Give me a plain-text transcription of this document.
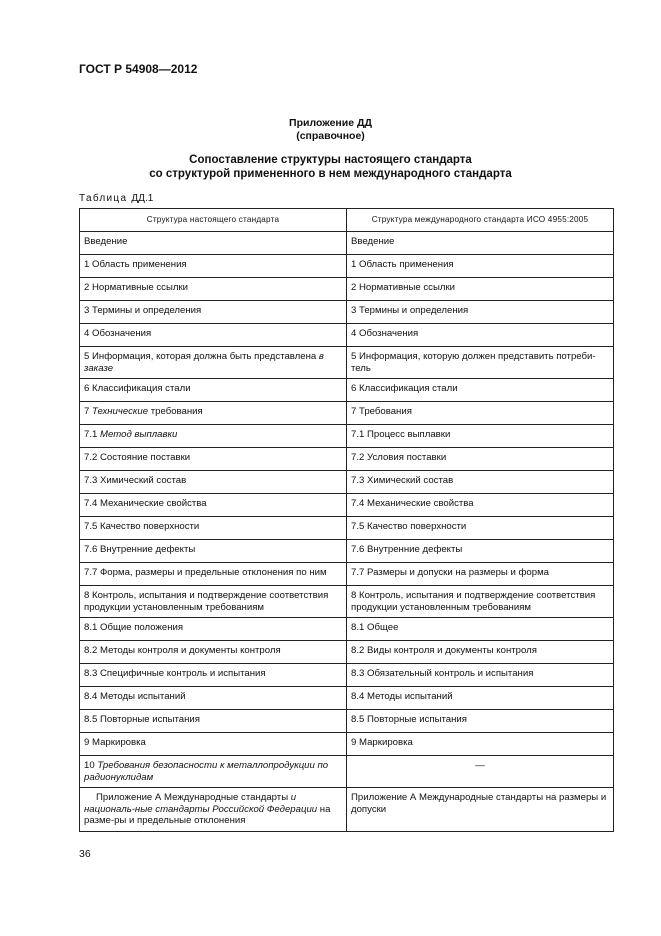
ГОСТ Р 54908—2012
Приложение ДД
(справочное)
Сопоставление структуры настоящего стандарта
со структурой примененного в нем международного стандарта
Таблица ДД.1
Структура настоящего стандарта	Структура международного стандарта ИСО 4955:2005
Введение	Введение
1 Область применения	1 Область применения
2 Нормативные ссылки	2 Нормативные ссылки
3 Термины и определения	3 Термины и определения
4 Обозначения	4 Обозначения
5 Информация, которая должна быть представлена в заказе	5 Информация, которую должен представить потреби-тель
6 Классификация стали	6 Классификация стали
7 Технические требования	7 Требования
7.1 Метод выплавки	7.1 Процесс выплавки
7.2 Состояние поставки	7.2 Условия поставки
7.3 Химический состав	7.3 Химический состав
7.4 Механические свойства	7.4 Механические свойства
7.5 Качество поверхности	7.5 Качество поверхности
7.6 Внутренние дефекты	7.6 Внутренние дефекты
7.7 Форма, размеры и предельные отклонения по ним	7.7 Размеры и допуски на размеры и форма
8 Контроль, испытания и подтверждение соответствия продукции установленным требованиям	8 Контроль, испытания и подтверждение соответствия продукции установленным требованиям
8.1 Общие положения	8.1 Общее
8.2 Методы контроля и документы контроля	8.2 Виды контроля и документы контроля
8.3 Специфичные контроль и испытания	8.3 Обязательный контроль и испытания
8.4 Методы испытаний	8.4 Методы испытаний
8.5 Повторные испытания	8.5 Повторные испытания
9 Маркировка	9 Маркировка
10 Требования безопасности к металлопродукции по радионуклидам	—
Приложение А Международные стандарты и националь-ные стандарты Российской Федерации на разме-ры и предельные отклонения	Приложение А Международные стандарты на размеры и допуски
36
